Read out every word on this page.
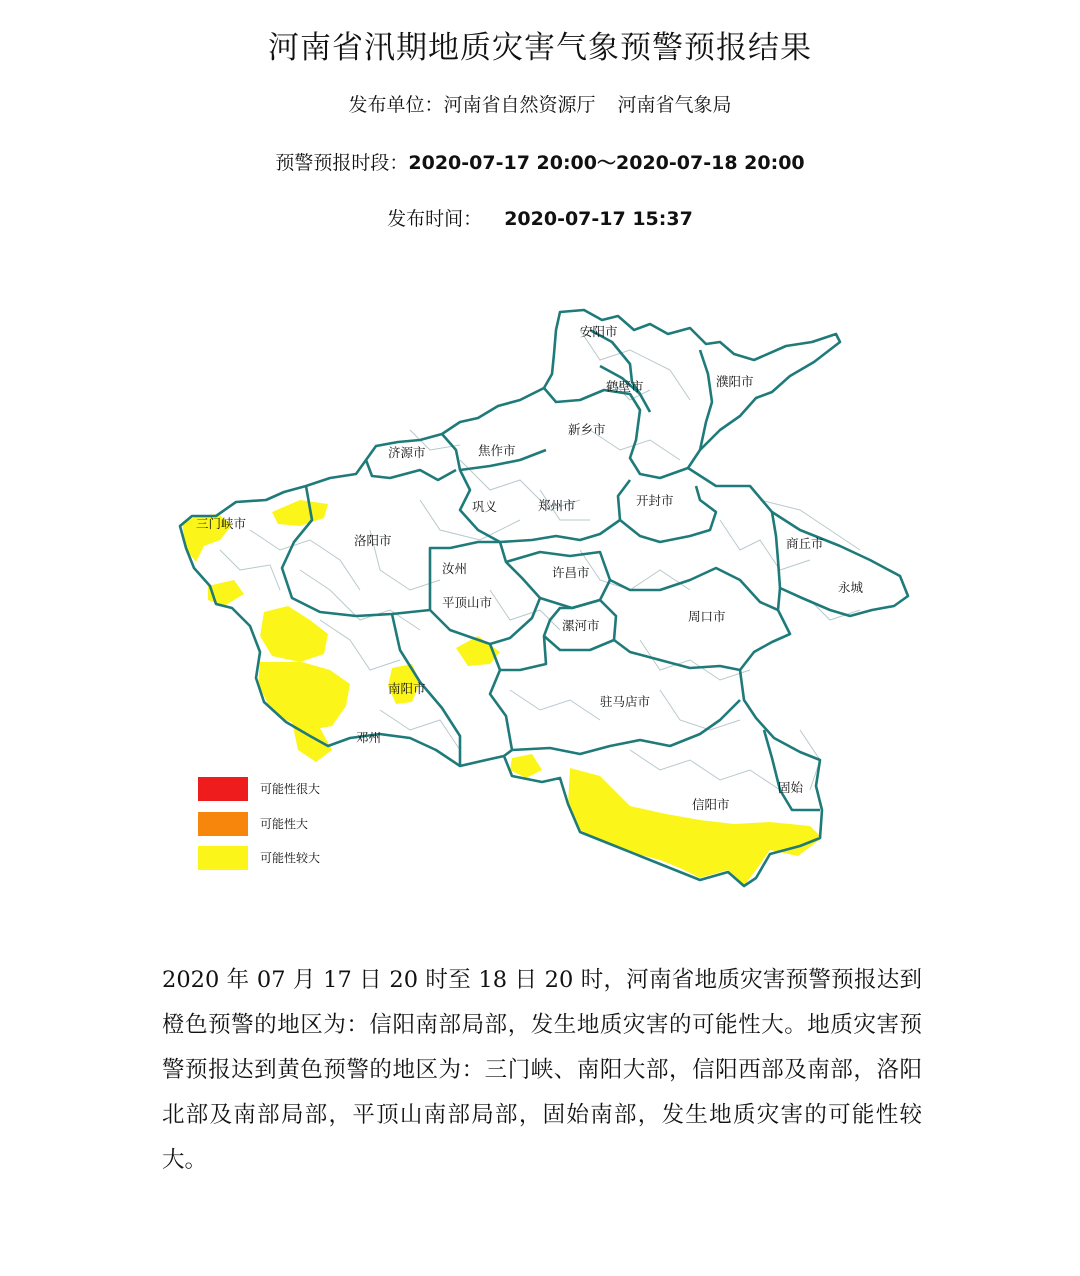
河南省汛期地质灾害气象预警预报结果
发布单位：河南省自然资源厅 河南省气象局
预警预报时段：2020-07-17 20:00～2020-07-18 20:00
发布时间： 2020-07-17 15:37
安阳市
鹤壁市	濮阳市
新乡市
济源市	焦作市
巩义	郑州市	开封市
商丘市
永城
三门峡市
洛阳市
汝州	许昌市
平顶山市
漯河市
周口市
南阳市
驻马店市
邓州
信阳市
固始
可能性很大
可能性大
可能性较大
2020 年 07 月 17 日 20 时至 18 日 20 时，河南省地质灾害预警预报达到橙色预警的地区为：信阳南部局部，发生地质灾害的可能性大。地质灾害预警预报达到黄色预警的地区为：三门峡、南阳大部，信阳西部及南部，洛阳北部及南部局部，平顶山南部局部，固始南部，发生地质灾害的可能性较大。
